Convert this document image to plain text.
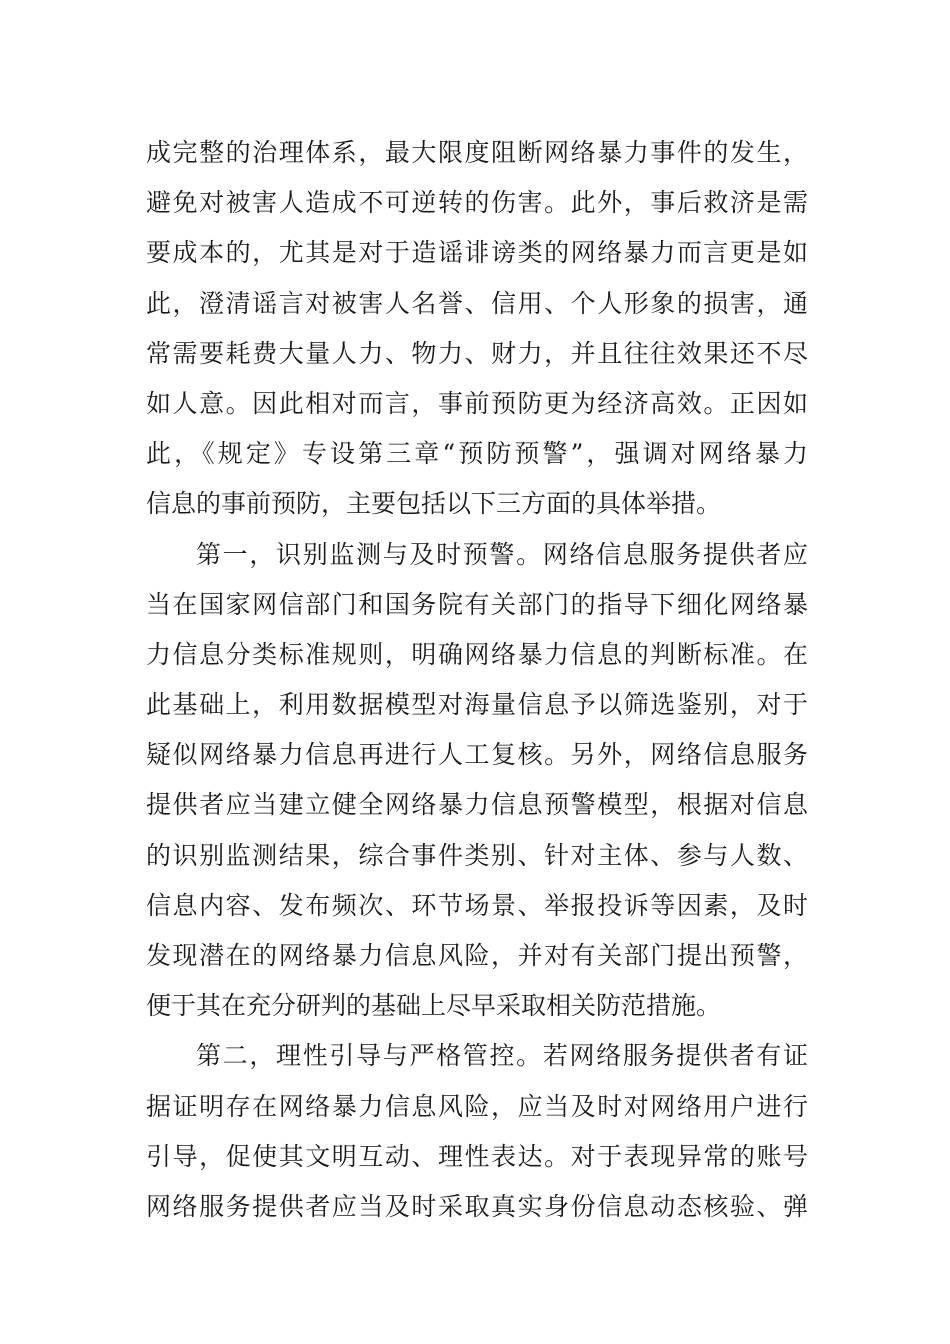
成完整的治理体系，最大限度阻断网络暴力事件的发生，
避免对被害人造成不可逆转的伤害。此外，事后救济是需
要成本的，尤其是对于造谣诽谤类的网络暴力而言更是如
此，澄清谣言对被害人名誉、信用、个人形象的损害，通
常需要耗费大量人力、物力、财力，并且往往效果还不尽
如人意。因此相对而言，事前预防更为经济高效。正因如
此，《规定》专设第三章“预防预警”，强调对网络暴力
信息的事前预防，主要包括以下三方面的具体举措。
第一，识别监测与及时预警。网络信息服务提供者应
当在国家网信部门和国务院有关部门的指导下细化网络暴
力信息分类标准规则，明确网络暴力信息的判断标准。在
此基础上，利用数据模型对海量信息予以筛选鉴别，对于
疑似网络暴力信息再进行人工复核。另外，网络信息服务
提供者应当建立健全网络暴力信息预警模型，根据对信息
的识别监测结果，综合事件类别、针对主体、参与人数、
信息内容、发布频次、环节场景、举报投诉等因素，及时
发现潜在的网络暴力信息风险，并对有关部门提出预警，
便于其在充分研判的基础上尽早采取相关防范措施。
第二，理性引导与严格管控。若网络服务提供者有证
据证明存在网络暴力信息风险，应当及时对网络用户进行
引导，促使其文明互动、理性表达。对于表现异常的账号
网络服务提供者应当及时采取真实身份信息动态核验、弹
